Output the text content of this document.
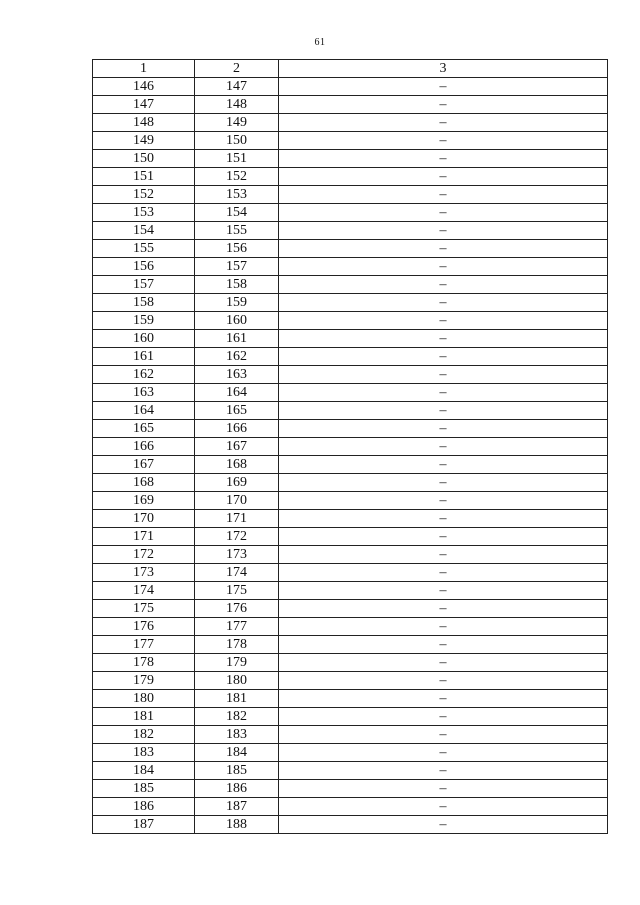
61
1	2	3
146	147	–
147	148	–
148	149	–
149	150	–
150	151	–
151	152	–
152	153	–
153	154	–
154	155	–
155	156	–
156	157	–
157	158	–
158	159	–
159	160	–
160	161	–
161	162	–
162	163	–
163	164	–
164	165	–
165	166	–
166	167	–
167	168	–
168	169	–
169	170	–
170	171	–
171	172	–
172	173	–
173	174	–
174	175	–
175	176	–
176	177	–
177	178	–
178	179	–
179	180	–
180	181	–
181	182	–
182	183	–
183	184	–
184	185	–
185	186	–
186	187	–
187	188	–
